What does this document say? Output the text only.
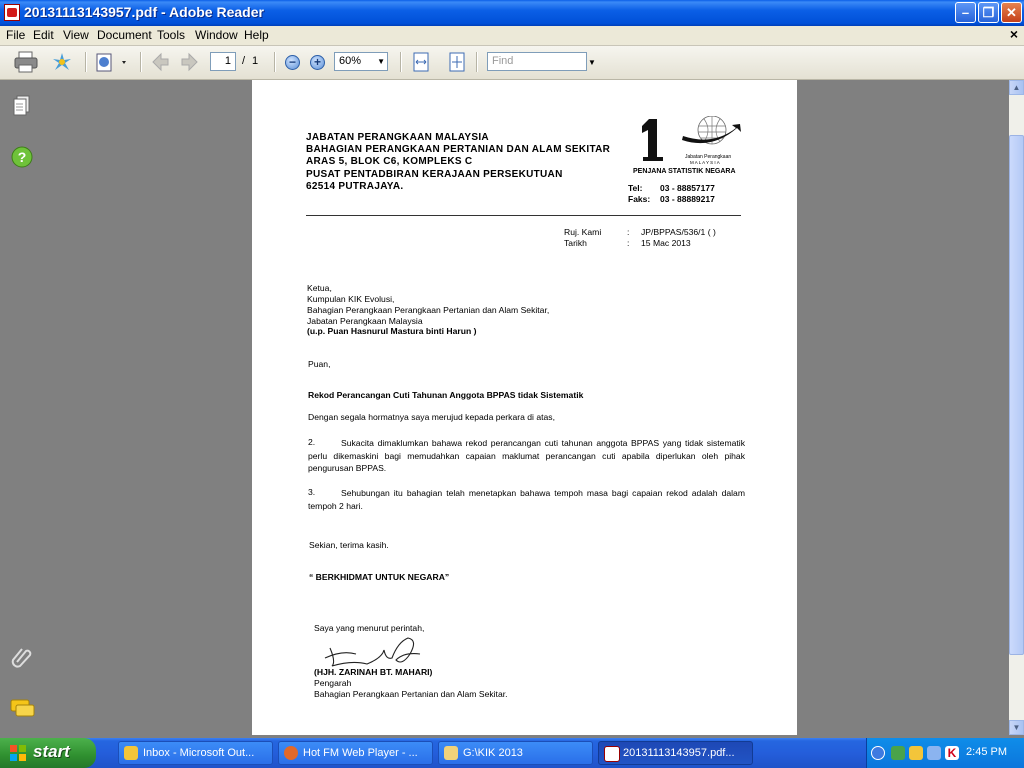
20131113143957.pdf - Adobe Reader	–	❐ ✕
File Edit View Document Tools Window Help	×
1	/ 1	−	+	60% ▼	Find	▼
?
JABATAN PERANGKAAN MALAYSIA
BAHAGIAN PERANGKAAN PERTANIAN DAN ALAM SEKITAR
ARAS 5, BLOK C6, KOMPLEKS C
PUSAT PENTADBIRAN KERAJAAN PERSEKUTUAN
62514 PUTRAJAYA.
Jabatan Perangkaan
M A L A Y S I A
PENJANA STATISTIK NEGARA
Tel: 03 - 88857177
Faks: 03 - 88889217
Ruj. Kami	: JP/BPPAS/536/1 ( )
Tarikh	: 15 Mac 2013
Ketua,
Kumpulan KIK Evolusi,
Bahagian Perangkaan Perangkaan Pertanian dan Alam Sekitar,
Jabatan Perangkaan Malaysia
(u.p. Puan Hasnurul Mastura binti Harun )
Puan,
Rekod Perancangan Cuti Tahunan Anggota BPPAS tidak Sistematik
Dengan segala hormatnya saya merujud kepada perkara di atas,
2.	Sukacita dimaklumkan bahawa rekod perancangan cuti tahunan anggota BPPAS yang tidak sistematik perlu dikemaskini bagi memudahkan capaian maklumat perancangan cuti apabila diperlukan oleh pihak pengurusan BPPAS.
3.	Sehubungan itu bahagian telah menetapkan bahawa tempoh masa bagi capaian rekod adalah dalam tempoh 2 hari.
Sekian, terima kasih.
“ BERKHIDMAT UNTUK NEGARA”
Saya yang menurut perintah,
(HJH. ZARINAH BT. MAHARI)
Pengarah
Bahagian Perangkaan Pertanian dan Alam Sekitar.
▲
▼
start	Inbox - Microsoft Out...	Hot FM Web Player - ...	G:\KIK 2013	20131113143957.pdf...	K 2:45 PM
